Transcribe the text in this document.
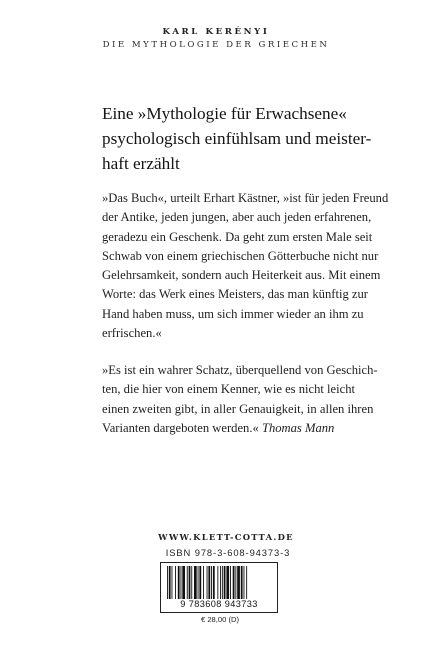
KARL KERÉNYI
DIE MYTHOLOGIE DER GRIECHEN
Eine »Mythologie für Erwachsene«
psychologisch einfühlsam und meister-
haft erzählt
»Das Buch«, urteilt Erhart Kästner, »ist für jeden Freund
der Antike, jeden jungen, aber auch jeden erfahrenen,
geradezu ein Geschenk. Da geht zum ersten Male seit
Schwab von einem griechischen Götterbuche nicht nur
Gelehrsamkeit, sondern auch Heiterkeit aus. Mit einem
Worte: das Werk eines Meisters, das man künftig zur
Hand haben muss, um sich immer wieder an ihm zu
erfrischen.«
»Es ist ein wahrer Schatz, überquellend von Geschich-
ten, die hier von einem Kenner, wie es nicht leicht
einen zweiten gibt, in aller Genauigkeit, in allen ihren
Varianten dargeboten werden.« Thomas Mann
WWW.KLETT-COTTA.DE
ISBN 978-3-608-94373-3
9 783608 943733
€ 28,00 (D)
